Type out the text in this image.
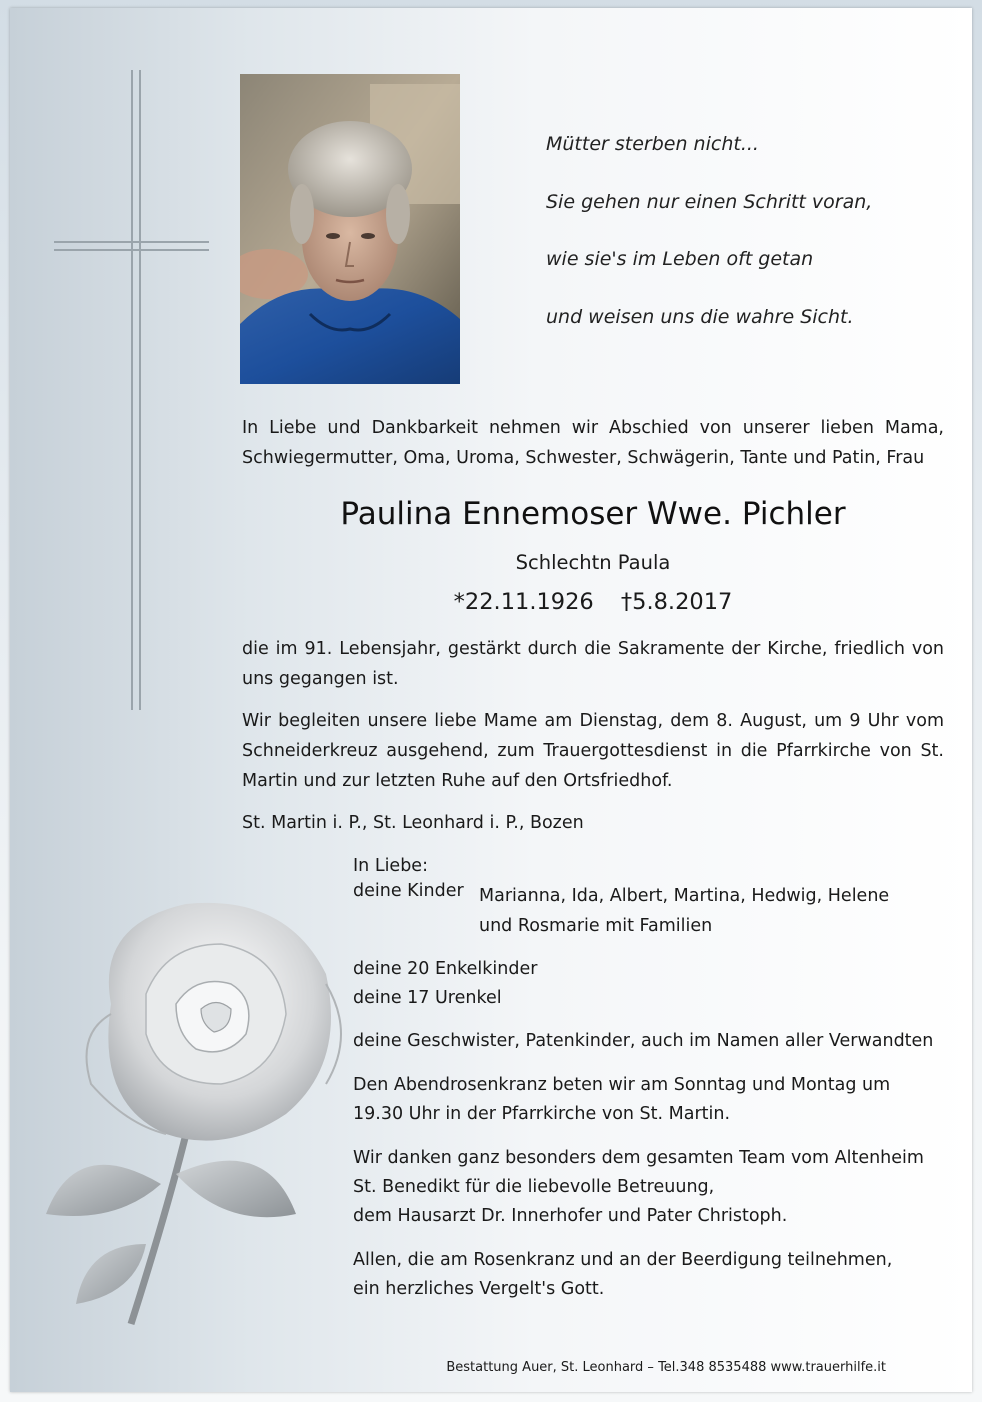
Mütter sterben nicht...
Sie gehen nur einen Schritt voran,
wie sie's im Leben oft getan
und weisen uns die wahre Sicht.
In Liebe und Dankbarkeit nehmen wir Abschied von unserer lieben Mama, Schwiegermutter, Oma, Uroma, Schwester, Schwägerin, Tante und Patin, Frau
Paulina Ennemoser Wwe. Pichler
Schlechtn Paula
*22.11.1926 †5.8.2017
die im 91. Lebensjahr, gestärkt durch die Sakramente der Kirche, friedlich von uns gegangen ist.
Wir begleiten unsere liebe Mame am Dienstag, dem 8. August, um 9 Uhr vom Schneiderkreuz ausgehend, zum Trauergottesdienst in die Pfarrkirche von St. Martin und zur letzten Ruhe auf den Ortsfriedhof.
St. Martin i. P., St. Leonhard i. P., Bozen
In Liebe:
deine Kinder Marianna, Ida, Albert, Martina, Hedwig, Helene
und Rosmarie mit Familien
deine 20 Enkelkinder
deine 17 Urenkel
deine Geschwister, Patenkinder, auch im Namen aller Verwandten
Den Abendrosenkranz beten wir am Sonntag und Montag um
19.30 Uhr in der Pfarrkirche von St. Martin.
Wir danken ganz besonders dem gesamten Team vom Altenheim
St. Benedikt für die liebevolle Betreuung,
dem Hausarzt Dr. Innerhofer und Pater Christoph.
Allen, die am Rosenkranz und an der Beerdigung teilnehmen,
ein herzliches Vergelt's Gott.
Bestattung Auer, St. Leonhard – Tel.348 8535488 www.trauerhilfe.it
